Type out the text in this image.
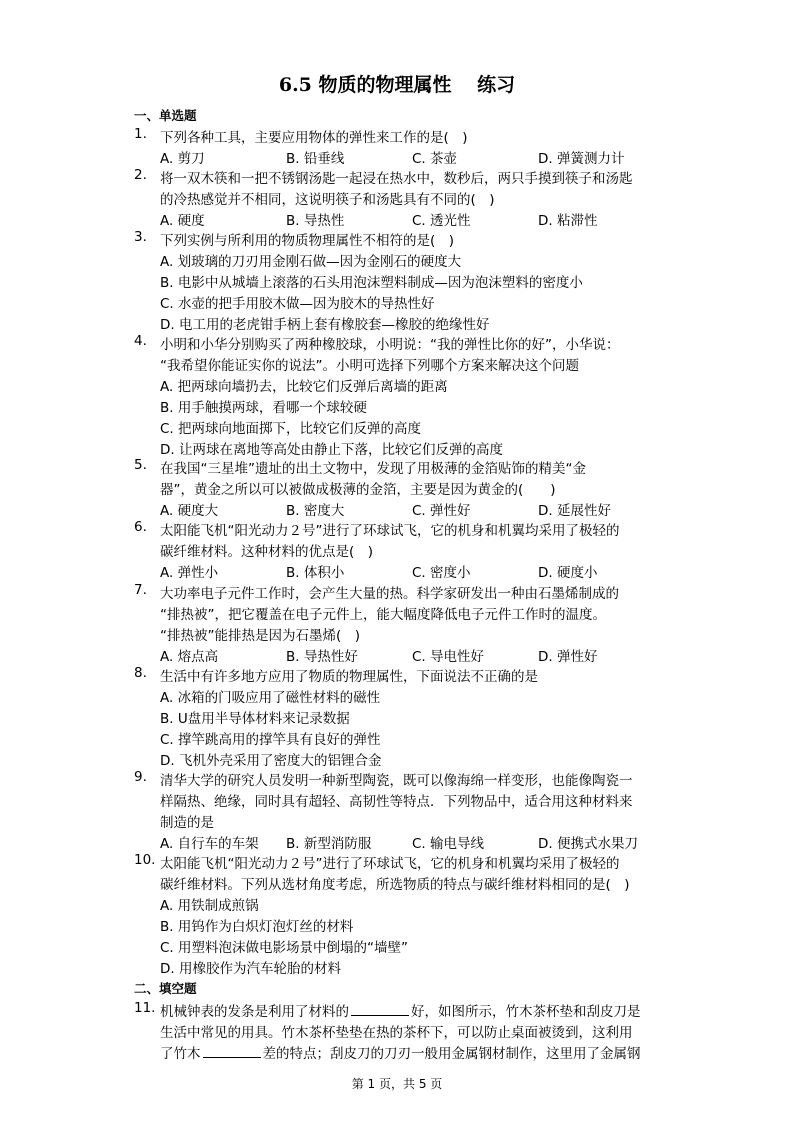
6.5 物质的物理属性　 练习
一、单选题
1. 下列各种工具，主要应用物体的弹性来工作的是(　)
A. 剪刀	B. 铅垂线	C. 茶壶	D. 弹簧测力计
2. 将一双木筷和一把不锈钢汤匙一起浸在热水中，数秒后，两只手摸到筷子和汤匙
的冷热感觉并不相同，这说明筷子和汤匙具有不同的(　)
A. 硬度	B. 导热性	C. 透光性	D. 粘滞性
3. 下列实例与所利用的物质物理属性不相符的是(　)
A. 划玻璃的刀刃用金刚石做—因为金刚石的硬度大
B. 电影中从城墙上滚落的石头用泡沫塑料制成—因为泡沫塑料的密度小
C. 水壶的把手用胶木做—因为胶木的导热性好
D. 电工用的老虎钳手柄上套有橡胶套—橡胶的绝缘性好
4. 小明和小华分别购买了两种橡胶球，小明说：“我的弹性比你的好”，小华说：
“我希望你能证实你的说法”。小明可选择下列哪个方案来解决这个问题
A. 把两球向墙扔去，比较它们反弹后离墙的距离
B. 用手触摸两球，看哪一个球较硬
C. 把两球向地面掷下，比较它们反弹的高度
D. 让两球在离地等高处由静止下落，比较它们反弹的高度
5. 在我国“三星堆”遗址的出土文物中，发现了用极薄的金箔贴饰的精美“金
器”，黄金之所以可以被做成极薄的金箔，主要是因为黄金的(　　)
A. 硬度大	B. 密度大	C. 弹性好	D. 延展性好
6. 太阳能飞机“阳光动力２号”进行了环球试飞，它的机身和机翼均采用了极轻的
碳纤维材料。这种材料的优点是(　)
A. 弹性小	B. 体积小	C. 密度小	D. 硬度小
7. 大功率电子元件工作时，会产生大量的热。科学家研发出一种由石墨烯制成的
“排热被”，把它覆盖在电子元件上，能大幅度降低电子元件工作时的温度。
“排热被”能排热是因为石墨烯(　)
A. 熔点高	B. 导热性好	C. 导电性好	D. 弹性好
8. 生活中有许多地方应用了物质的物理属性，下面说法不正确的是
A. 冰箱的门吸应用了磁性材料的磁性
B. U盘用半导体材料来记录数据
C. 撑竿跳高用的撑竿具有良好的弹性
D. 飞机外壳采用了密度大的铝锂合金
9. 清华大学的研究人员发明一种新型陶瓷，既可以像海绵一样变形，也能像陶瓷一
样隔热、绝缘，同时具有超轻、高韧性等特点．下列物品中，适合用这种材料来
制造的是
A. 自行车的车架 B. 新型消防服	C. 输电导线	D. 便携式水果刀
10. 太阳能飞机“阳光动力２号”进行了环球试飞，它的机身和机翼均采用了极轻的
碳纤维材料。下列从选材角度考虑，所选物质的特点与碳纤维材料相同的是(　)
A. 用铁制成煎锅
B. 用钨作为白炽灯泡灯丝的材料
C. 用塑料泡沫做电影场景中倒塌的“墙壁”
D. 用橡胶作为汽车轮胎的材料
二、填空题
11. 机械钟表的发条是利用了材料的	好，如图所示，竹木茶杯垫和刮皮刀是
生活中常见的用具。竹木茶杯垫垫在热的茶杯下，可以防止桌面被烫到，这利用
了竹木	差的特点；刮皮刀的刀刃一般用金属钢材制作，这里用了金属钢
第 1 页，共 5 页
